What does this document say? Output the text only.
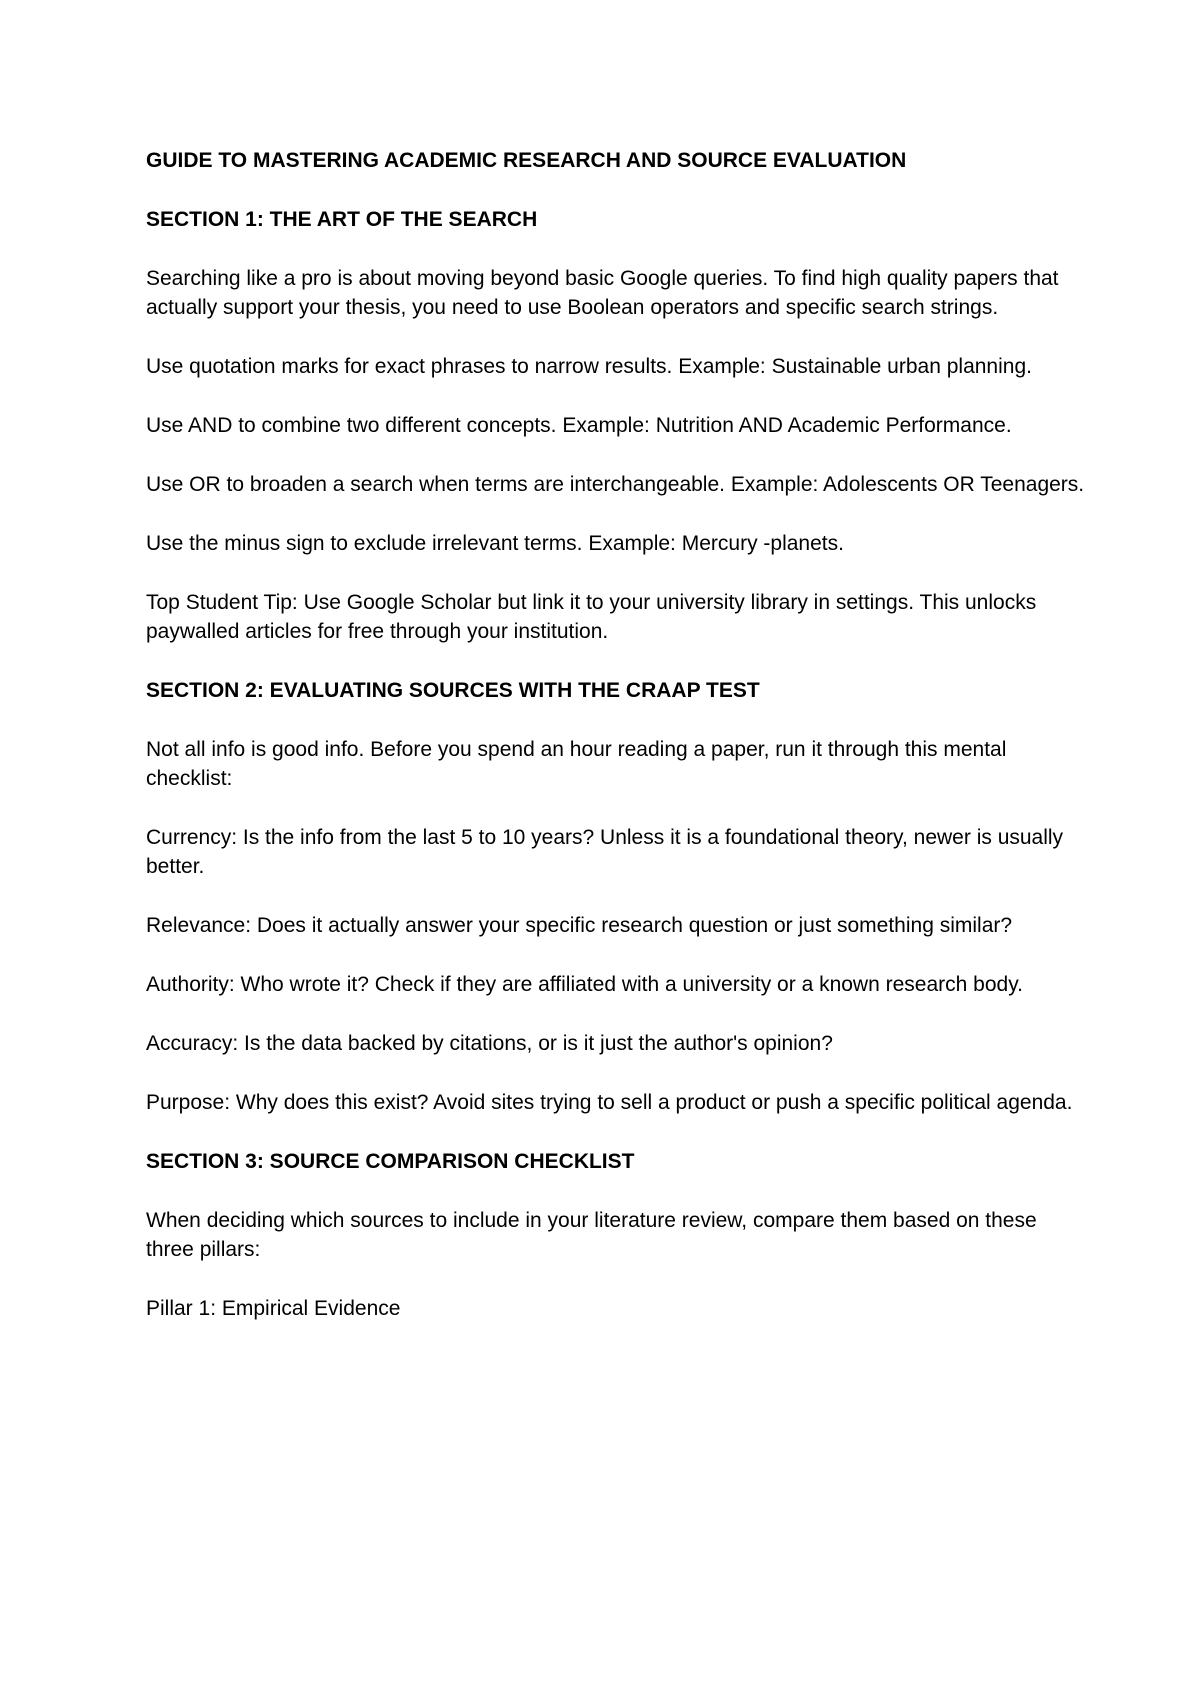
GUIDE TO MASTERING ACADEMIC RESEARCH AND SOURCE EVALUATION

SECTION 1: THE ART OF THE SEARCH

Searching like a pro is about moving beyond basic Google queries. To find high quality papers that actually support your thesis, you need to use Boolean operators and specific search strings.

Use quotation marks for exact phrases to narrow results. Example: Sustainable urban planning.

Use AND to combine two different concepts. Example: Nutrition AND Academic Performance.

Use OR to broaden a search when terms are interchangeable. Example: Adolescents OR Teenagers.

Use the minus sign to exclude irrelevant terms. Example: Mercury -planets.

Top Student Tip: Use Google Scholar but link it to your university library in settings. This unlocks paywalled articles for free through your institution.

SECTION 2: EVALUATING SOURCES WITH THE CRAAP TEST

Not all info is good info. Before you spend an hour reading a paper, run it through this mental checklist:

Currency: Is the info from the last 5 to 10 years? Unless it is a foundational theory, newer is usually better.

Relevance: Does it actually answer your specific research question or just something similar?

Authority: Who wrote it? Check if they are affiliated with a university or a known research body.

Accuracy: Is the data backed by citations, or is it just the author's opinion?

Purpose: Why does this exist? Avoid sites trying to sell a product or push a specific political agenda.

SECTION 3: SOURCE COMPARISON CHECKLIST

When deciding which sources to include in your literature review, compare them based on these three pillars:

Pillar 1: Empirical Evidence
